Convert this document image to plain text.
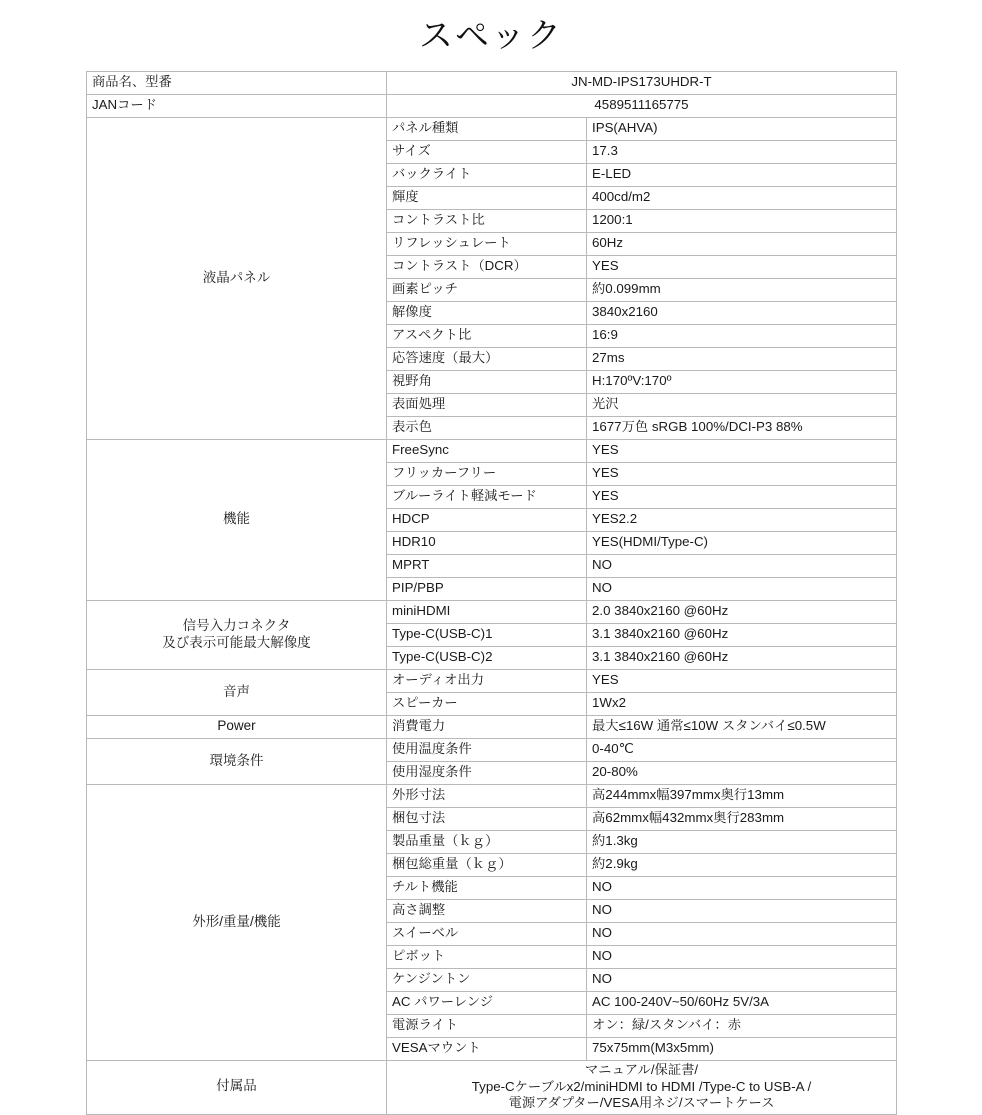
スペック
商品名、型番	JN-MD-IPS173UHDR-T	
JANコード	4589511165775	
液晶パネル	パネル種類	IPS(AHVA)
	サイズ	17.3
	バックライト	E-LED
	輝度	400cd/m2
	コントラスト比	1200:1
	リフレッシュレート	60Hz
	コントラスト（DCR）	YES
	画素ピッチ	約0.099mm
	解像度	3840x2160
	アスペクト比	16:9
	応答速度（最大）	27ms
	視野角	H:170ºV:170º
	表面処理	光沢
	表示色	1677万色 sRGB 100%/DCI-P3 88%
機能	FreeSync	YES
	フリッカーフリー	YES
	ブルーライト軽減モード	YES
	HDCP	YES2.2
	HDR10	YES(HDMI/Type-C)
	MPRT	NO
	PIP/PBP	NO

信号入力コネクタ
及び表示可能最大解像度	miniHDMI	2.0 3840x2160 @60Hz
	Type-C(USB-C)1	3.1 3840x2160 @60Hz
	Type-C(USB-C)2	3.1 3840x2160 @60Hz
音声	オーディオ出力	YES
	スピーカー	1Wx2
Power	消費電力	最大≤16W 通常≤10W スタンバイ≤0.5W
環境条件	使用温度条件	0-40℃
	使用湿度条件	20-80%
外形/重量/機能	外形寸法	高244mmx幅397mmx奥行13mm
	梱包寸法	高62mmx幅432mmx奥行283mm
	製品重量（ｋｇ）	約1.3kg
	梱包総重量（ｋｇ）	約2.9kg
	チルト機能	NO
	高さ調整	NO
	スイーベル	NO
	ピボット	NO
	ケンジントン	NO
	AC パワーレンジ	AC 100-240V~50/60Hz 5V/3A
	電源ライト	オン：緑/スタンバイ：赤
	VESAマウント	75x75mm(M3x5mm)
付属品	マニュアル/保証書/
Type-Cケーブルx2/miniHDMI to HDMI /Type-C to USB-A /
電源アダプター/VESA用ネジ/スマートケース	
